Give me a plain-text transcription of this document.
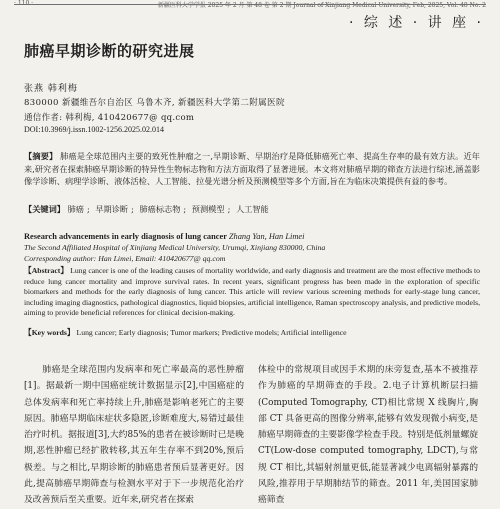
· 110 ·	新疆医科大学学报 2025 年 2 月 第 48 卷 第 2 期 Journal of Xinjiang Medical University, Feb, 2025, Vol. 48 No. 2
· 综 述 · 讲 座 ·
肺癌早期诊断的研究进展
张燕 韩利梅
830000 新疆维吾尔自治区 乌鲁木齐, 新疆医科大学第二附属医院
通信作者: 韩利梅, 410420677@ qq.com
DOI:10.3969/j.issn.1002-1256.2025.02.014
【摘要】 肺癌是全球范围内主要的致死性肿瘤之一,早期诊断、早期治疗是降低肺癌死亡率、提高生存率的最有效方法。近年来,研究者在探索肺癌早期诊断的特异性生物标志物和方法方面取得了显著进展。本文将对肺癌早期的筛查方法进行综述,涵盖影像学诊断、病理学诊断、液体活检、人工智能、拉曼光谱分析及预测模型等多个方面,旨在为临床决策提供有益的参考。
【关键词】 肺癌 ; 早期诊断 ; 肺癌标志物 ; 预测模型 ; 人工智能
Research advancements in early diagnosis of lung cancer Zhang Yan, Han Limei
The Second Affiliated Hospital of Xinjiang Medical University, Urumqi, Xinjiang 830000, China
Corresponding author: Han Limei, Email: 410420677@ qq.com
【Abstract】 Lung cancer is one of the leading causes of mortality worldwide, and early diagnosis and treatment are the most effective methods to reduce lung cancer mortality and improve survival rates. In recent years, significant progress has been made in the exploration of specific biomarkers and methods for the early diagnosis of lung cancer. This article will review various screening methods for early-stage lung cancer, including imaging diagnostics, pathological diagnostics, liquid biopsies, artificial intelligence, Raman spectroscopy analysis, and predictive models, aiming to provide beneficial references for clinical decision-making.
【Key words】 Lung cancer; Early diagnosis; Tumor markers; Predictive models; Artificial intelligence
肺癌是全球范围内发病率和死亡率最高的恶性肿瘤[1]。据最新一期中国癌症统计数据显示[2],中国癌症的总体发病率和死亡率持续上升,肺癌是影响老死亡的主要原因。肺癌早期临床症状多隐匿,诊断难度大,易错过最佳治疗时机。据报道[3],大约85%的患者在被诊断时已是晚期,恶性肿瘤已经扩散转移,其五年生存率不到20%,预后极差。与之相比,早期诊断的肺癌患者预后显著更好。因此,提高肺癌早期筛查与检测水平对于下一步规范化治疗及改善预后至关重要。近年来,研究者在探索
体检中的常规项目或因手术期的床旁复查,基本不被推荐作为肺癌的早期筛查的手段。2.电子计算机断层扫描(Computed Tomography, CT)相比常规 X 线胸片,胸部 CT 具备更高的图像分辨率,能够有效发现微小病变,是肺癌早期筛查的主要影像学检查手段。特别是低剂量螺旋 CT(Low-dose computed tomography, LDCT),与常规 CT 相比,其辐射剂量更低,能显著减少电离辐射暴露的风险,推荐用于早期肺结节的筛查。2011 年,美国国家肺癌筛查
